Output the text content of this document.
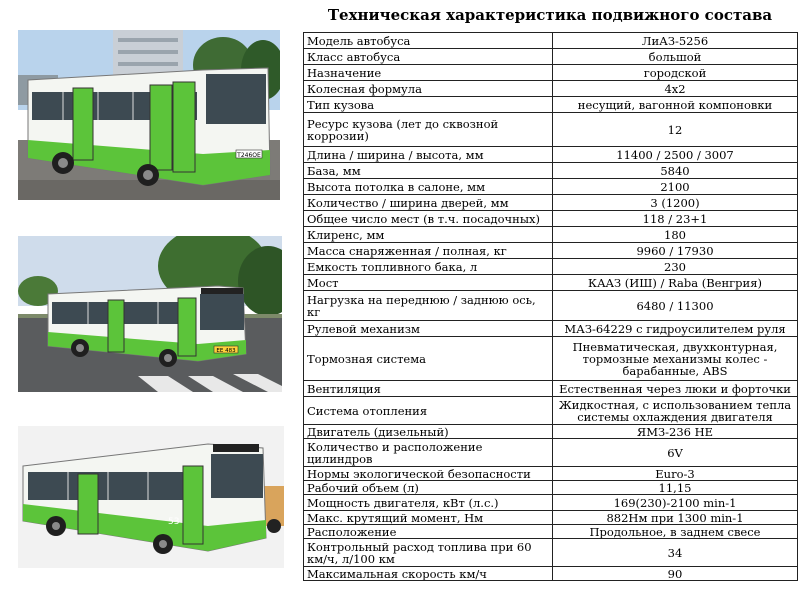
Техническая характеристика подвижного состава
Т246ОЕ
ЕЕ 483
53
Модель автобуса	ЛиАЗ-5256
Класс автобуса	большой
Назначение	городской
Колесная формула	4х2
Тип кузова	несущий, вагонной компоновки
Ресурс кузова (лет до сквозной коррозии)	12
Длина / ширина / высота, мм	11400 / 2500 / 3007
База, мм	5840
Высота потолка в салоне, мм	2100
Количество / ширина дверей, мм	3 (1200)
Общее число мест (в т.ч. посадочных)	118 / 23+1
Клиренс, мм	180
Масса снаряженная / полная, кг	9960 / 17930
Емкость топливного бака, л	230
Мост	КАAЗ (ИШ) / Raba (Венгрия)
Нагрузка на переднюю / заднюю ось, кг	6480 / 11300
Рулевой механизм	МАЗ-64229 с гидроусилителем руля
Тормозная система	Пневматическая, двухконтурная, тормозные механизмы колес - барабанные, ABS
Вентиляция	Естественная через люки и форточки
Система отопления	Жидкостная, с использованием тепла системы охлаждения двигателя
Двигатель (дизельный)	ЯМЗ-236 НЕ
Количество и расположение цилиндров	6V
Нормы экологической безопасности	Euro-3
Рабочий объем (л)	11,15
Мощность двигателя, кВт (л.с.)	169(230)-2100 min-1
Макс. крутящий момент, Нм	882Нм при 1300 min-1
Расположение	Продольное, в заднем свесе
Контрольный расход топлива при 60 км/ч, л/100 км	34
Максимальная скорость км/ч	90
